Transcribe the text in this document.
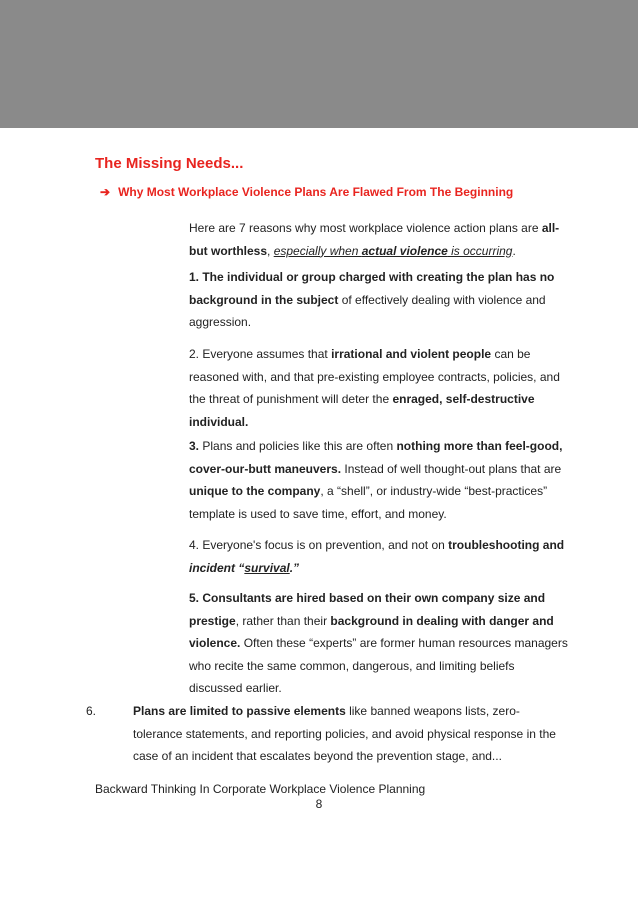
The Missing Needs...
➔ Why Most Workplace Violence Plans Are Flawed From The Beginning

Here are 7 reasons why most workplace violence action plans are all-but worthless, especially when actual violence is occurring.

1. The individual or group charged with creating the plan has no background in the subject of effectively dealing with violence and aggression.

2. Everyone assumes that irrational and violent people can be reasoned with, and that pre-existing employee contracts, policies, and the threat of punishment will deter the enraged, self-destructive individual.

3. Plans and policies like this are often nothing more than feel-good, cover-our-butt maneuvers. Instead of well thought-out plans that are unique to the company, a “shell”, or industry-wide “best-practices” template is used to save time, effort, and money.

4. Everyone's focus is on prevention, and not on troubleshooting and incident “survival.”

5. Consultants are hired based on their own company size and prestige, rather than their background in dealing with danger and violence. Often these “experts” are former human resources managers who recite the same common, dangerous, and limiting beliefs discussed earlier.

6.	Plans are limited to passive elements like banned weapons lists, zero-tolerance statements, and reporting policies, and avoid physical response in the case of an incident that escalates beyond the prevention stage, and...
Backward Thinking In Corporate Workplace Violence Planning
8
